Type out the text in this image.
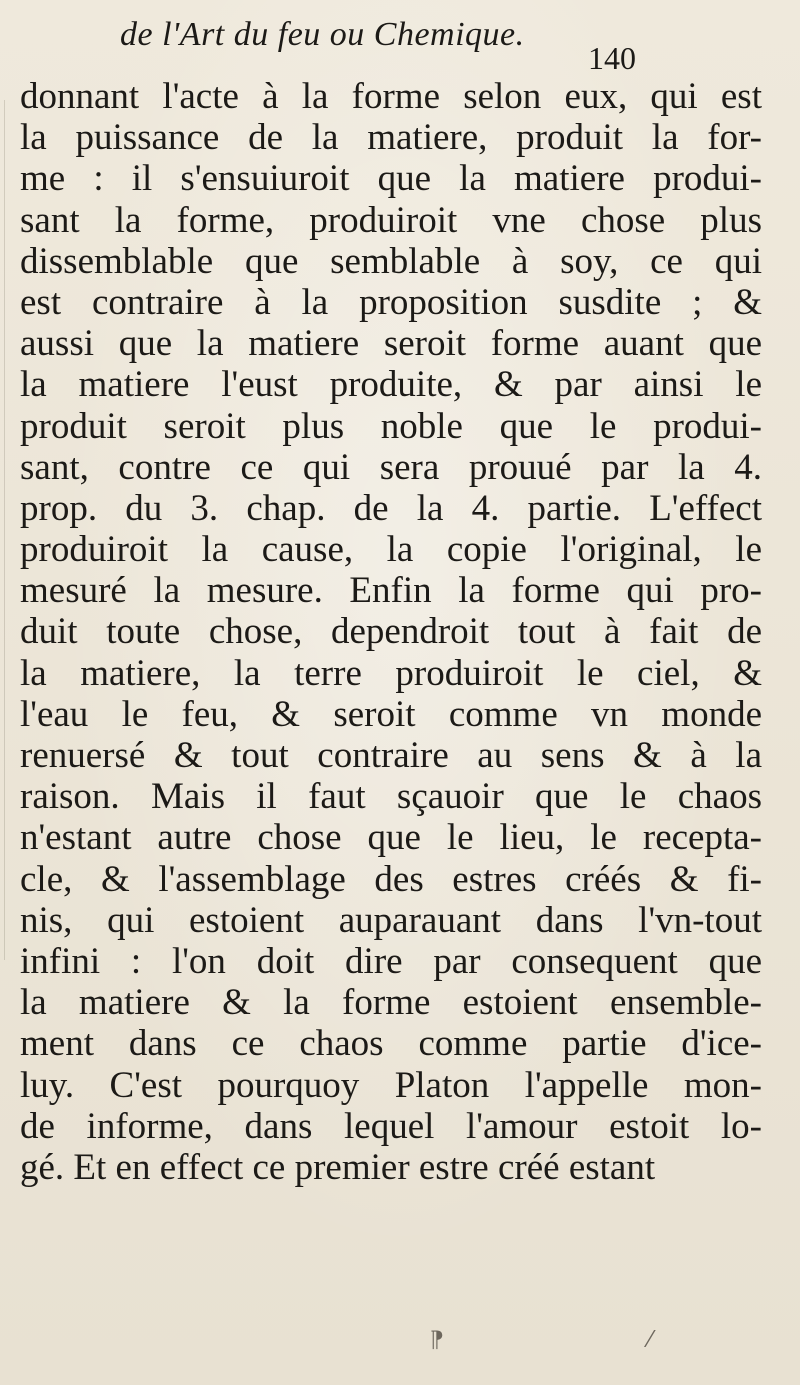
de l'Art du feu ou Chemique.
140
donnant l'acte à la forme selon eux, qui est
la puissance de la matiere, produit la for-
me : il s'ensuiuroit que la matiere produi-
sant la forme, produiroit vne chose plus
dissemblable que semblable à soy, ce qui
est contraire à la proposition susdite ; &
aussi que la matiere seroit forme auant que
la matiere l'eust produite, & par ainsi le
produit seroit plus noble que le produi-
sant, contre ce qui sera prouué par la 4.
prop. du 3. chap. de la 4. partie. L'effect
produiroit la cause, la copie l'original, le
mesuré la mesure. Enfin la forme qui pro-
duit toute chose, dependroit tout à fait de
la matiere, la terre produiroit le ciel, &
l'eau le feu, & seroit comme vn monde
renuersé & tout contraire au sens & à la
raison. Mais il faut sçauoir que le chaos
n'estant autre chose que le lieu, le recepta-
cle, & l'assemblage des estres créés & fi-
nis, qui estoient auparauant dans l'vn-tout
infini : l'on doit dire par consequent que
la matiere & la forme estoient ensemble-
ment dans ce chaos comme partie d'ice-
luy. C'est pourquoy Platon l'appelle mon-
de informe, dans lequel l'amour estoit lo-
gé. Et en effect ce premier estre créé estant
⁋	⁄
